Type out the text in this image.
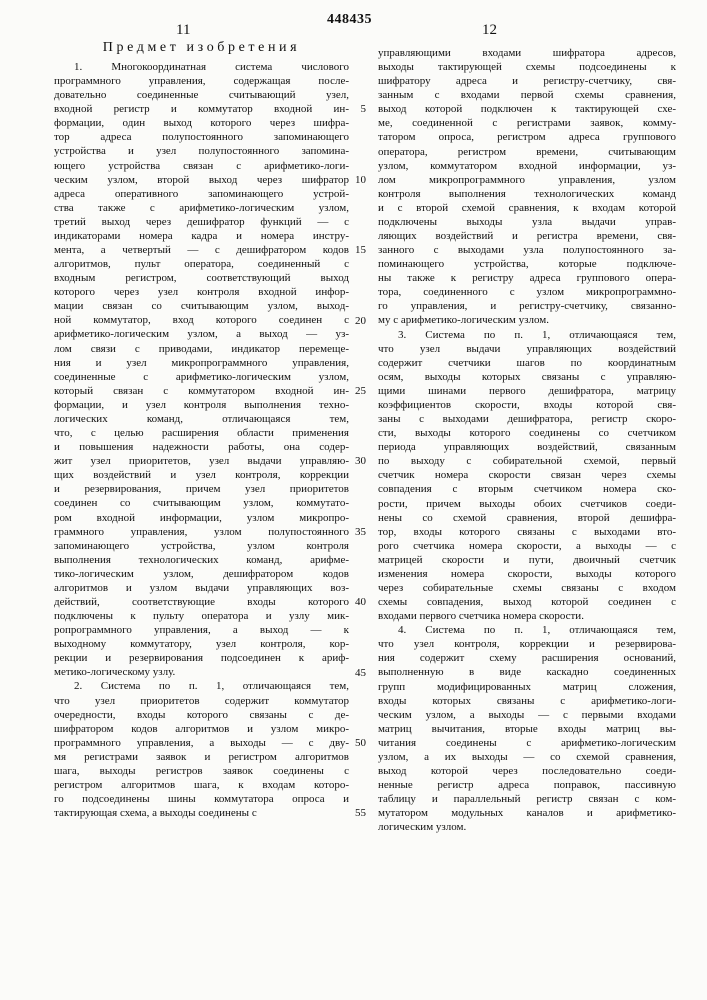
11
448435
12
Предмет изобретения
1. Многокоординатная система числового
программного управления, содержащая после-
довательно соединенные считывающий узел,
входной регистр и коммутатор входной ин-
формации, один выход которого через шифра-
тор адреса полупостоянного запоминающего
устройства и узел полупостоянного запомина-
ющего устройства связан с арифметико-логи-
ческим узлом, второй выход через шифратор
адреса оперативного запоминающего устрой-
ства также с арифметико-логическим узлом,
третий выход через дешифратор функций — с
индикаторами номера кадра и номера инстру-
мента, а четвертый — с дешифратором кодов
алгоритмов, пульт оператора, соединенный с
входным регистром, соответствующий выход
которого через узел контроля входной инфор-
мации связан со считывающим узлом, выход-
ной коммутатор, вход которого соединен с
арифметико-логическим узлом, а выход — уз-
лом связи с приводами, индикатор перемеще-
ния и узел микропрограммного управления,
соединенные с арифметико-логическим узлом,
который связан с коммутатором входной ин-
формации, и узел контроля выполнения техно-
логических команд, отличающаяся тем,
что, с целью расширения области применения
и повышения надежности работы, она содер-
жит узел приоритетов, узел выдачи управляю-
щих воздействий и узел контроля, коррекции
и резервирования, причем узел приоритетов
соединен со считывающим узлом, коммутато-
ром входной информации, узлом микропро-
граммного управления, узлом полупостоянного
запоминающего устройства, узлом контроля
выполнения технологических команд, арифме-
тико-логическим узлом, дешифратором кодов
алгоритмов и узлом выдачи управляющих воз-
действий, соответствующие входы которого
подключены к пульту оператора и узлу мик-
ропрограммного управления, а выход — к
выходному коммутатору, узел контроля, кор-
рекции и резервирования подсоединен к ариф-
метико-логическому узлу.
2. Система по п. 1, отличающаяся тем,
что узел приоритетов содержит коммутатор
очередности, входы которого связаны с де-
шифратором кодов алгоритмов и узлом микро-
программного управления, а выходы — с дву-
мя регистрами заявок и регистром алгоритмов
шага, выходы регистров заявок соединены с
регистром алгоритмов шага, к входам которо-
го подсоединены шины коммутатора опроса и
тактирующая схема, а выходы соединены с
5
10
15
20
25
30
35
40
45
50
55
управляющими входами шифратора адресов,
выходы тактирующей схемы подсоединены к
шифратору адреса и регистру-счетчику, свя-
занным с входами первой схемы сравнения,
выход которой подключен к тактирующей схе-
ме, соединенной с регистрами заявок, комму-
татором опроса, регистром адреса группового
оператора, регистром времени, считывающим
узлом, коммутатором входной информации, уз-
лом микропрограммного управления, узлом
контроля выполнения технологических команд
и с второй схемой сравнения, к входам которой
подключены выходы узла выдачи управ-
ляющих воздействий и регистра времени, свя-
занного с выходами узла полупостоянного за-
поминающего устройства, которые подключе-
ны также к регистру адреса группового опера-
тора, соединенного с узлом микропрограммно-
го управления, и регистру-счетчику, связанно-
му с арифметико-логическим узлом.
3. Система по п. 1, отличающаяся тем,
что узел выдачи управляющих воздействий
содержит счетчики шагов по координатным
осям, выходы которых связаны с управляю-
щими шинами первого дешифратора, матрицу
коэффициентов скорости, входы которой свя-
заны с выходами дешифратора, регистр скоро-
сти, выходы которого соединены со счетчиком
периода управляющих воздействий, связанным
по выходу с собирательной схемой, первый
счетчик номера скорости связан через схемы
совпадения с вторым счетчиком номера ско-
рости, причем выходы обоих счетчиков соеди-
нены со схемой сравнения, второй дешифра-
тор, входы которого связаны с выходами вто-
рого счетчика номера скорости, а выходы — с
матрицей скорости и пути, двоичный счетчик
изменения номера скорости, выходы которого
через собирательные схемы связаны с входом
схемы совпадения, выход которой соединен с
входами первого счетчика номера скорости.
4. Система по п. 1, отличающаяся тем,
что узел контроля, коррекции и резервирова-
ния содержит схему расширения оснований,
выполненную в виде каскадно соединенных
групп модифицированных матриц сложения,
входы которых связаны с арифметико-логи-
ческим узлом, а выходы — с первыми входами
матриц вычитания, вторые входы матриц вы-
читания соединены с арифметико-логическим
узлом, а их выходы — со схемой сравнения,
выход которой через последовательно соеди-
ненные регистр адреса поправок, пассивную
таблицу и параллельный регистр связан с ком-
мутатором модульных каналов и арифметико-
логическим узлом.
